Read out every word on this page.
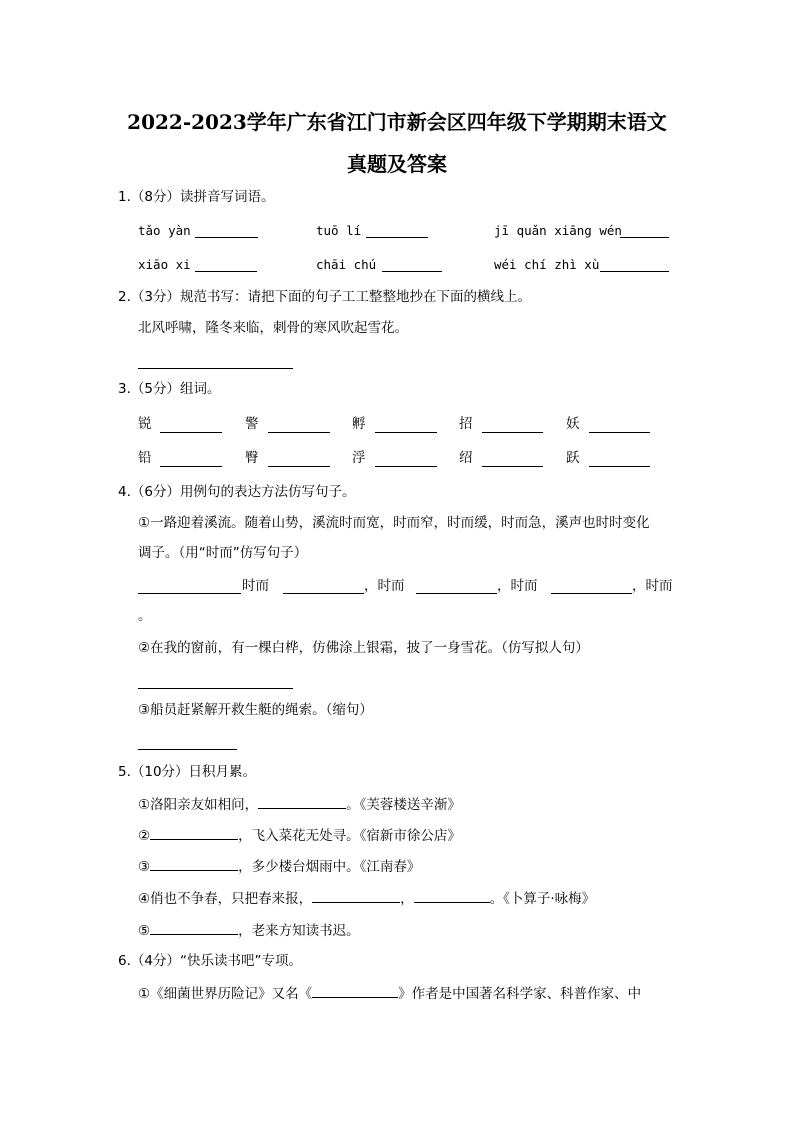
2022-2023学年广东省江门市新会区四年级下学期期末语文
真题及答案
1.（8分）读拼音写词语。
tǎo yàn	tuō lí	jī quǎn xiāng wén
xiāo xi	chāi chú	wéi chí zhì xù
2.（3分）规范书写：请把下面的句子工工整整地抄在下面的横线上。
北风呼啸，隆冬来临，刺骨的寒风吹起雪花。
3.（5分）组词。
锐	警	孵	招	妖
铅	臀	浮	绍	跃
4.（6分）用例句的表达方法仿写句子。
①一路迎着溪流。随着山势，溪流时而宽，时而窄，时而缓，时而急，溪声也时时变化
调子。（用“时而”仿写句子）
时而	，时而	，时而	，时而
。
②在我的窗前，有一棵白桦，仿佛涂上银霜，披了一身雪花。（仿写拟人句）
③船员赶紧解开救生艇的绳索。（缩句）
5.（10分）日积月累。
①洛阳亲友如相问，	。《芙蓉楼送辛渐》
②	，飞入菜花无处寻。《宿新市徐公店》
③	，多少楼台烟雨中。《江南春》
④俏也不争春，只把春来报，	，	。《卜算子·咏梅》
⑤	，老来方知读书迟。
6.（4分）“快乐读书吧”专项。
①《细菌世界历险记》又名《	》作者是中国著名科学家、科普作家、中
